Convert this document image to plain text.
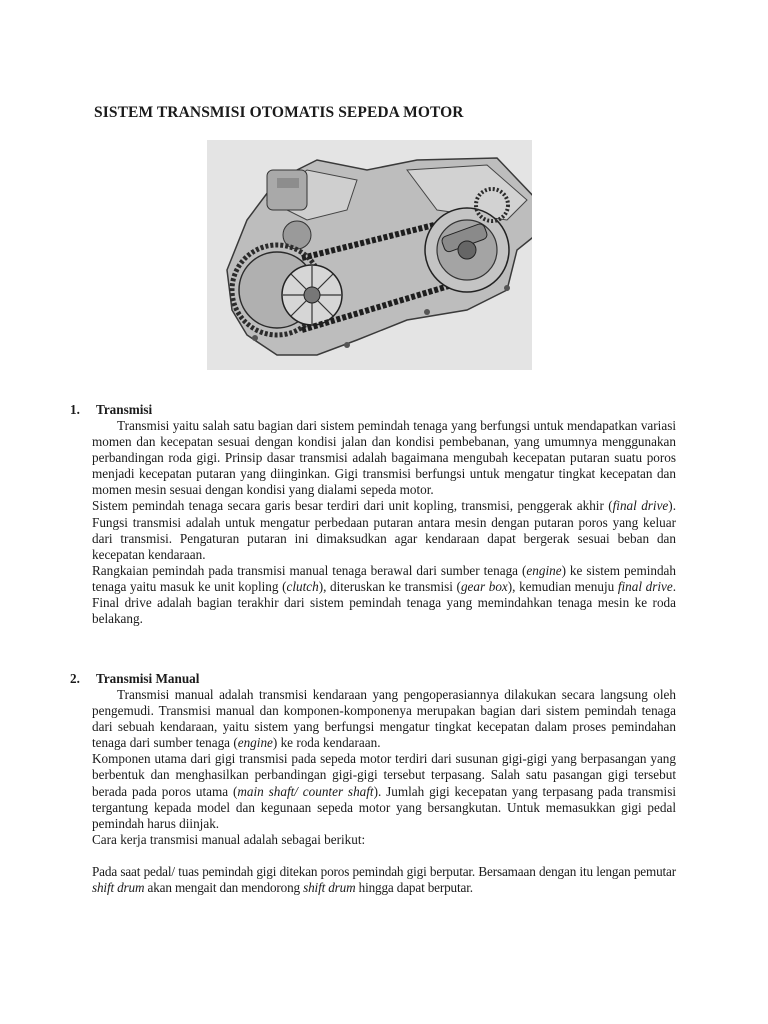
SISTEM TRANSMISI OTOMATIS SEPEDA MOTOR
1. Transmisi

Transmisi yaitu salah satu bagian dari sistem pemindah tenaga yang berfungsi untuk mendapatkan variasi momen dan kecepatan sesuai dengan kondisi jalan dan kondisi pembebanan, yang umumnya menggunakan perbandingan roda gigi. Prinsip dasar transmisi adalah bagaimana mengubah kecepatan putaran suatu poros menjadi kecepatan putaran yang diinginkan. Gigi transmisi berfungsi untuk mengatur tingkat kecepatan dan momen mesin sesuai dengan kondisi yang dialami sepeda motor.

Sistem pemindah tenaga secara garis besar terdiri dari unit kopling, transmisi, penggerak akhir (final drive). Fungsi transmisi adalah untuk mengatur perbedaan putaran antara mesin dengan putaran poros yang keluar dari transmisi. Pengaturan putaran ini dimaksudkan agar kendaraan dapat bergerak sesuai beban dan kecepatan kendaraan.

Rangkaian pemindah pada transmisi manual tenaga berawal dari sumber tenaga (engine) ke sistem pemindah tenaga yaitu masuk ke unit kopling (clutch), diteruskan ke transmisi (gear box), kemudian menuju final drive. Final drive adalah bagian terakhir dari sistem pemindah tenaga yang memindahkan tenaga mesin ke roda belakang.

2. Transmisi Manual

Transmisi manual adalah transmisi kendaraan yang pengoperasiannya dilakukan secara langsung oleh pengemudi. Transmisi manual dan komponen-komponenya merupakan bagian dari sistem pemindah tenaga dari sebuah kendaraan, yaitu sistem yang berfungsi mengatur tingkat kecepatan dalam proses pemindahan tenaga dari sumber tenaga (engine) ke roda kendaraan.

Komponen utama dari gigi transmisi pada sepeda motor terdiri dari susunan gigi-gigi yang berpasangan yang berbentuk dan menghasilkan perbandingan gigi-gigi tersebut terpasang. Salah satu pasangan gigi tersebut berada pada poros utama (main shaft/ counter shaft). Jumlah gigi kecepatan yang terpasang pada transmisi tergantung kepada model dan kegunaan sepeda motor yang bersangkutan. Untuk memasukkan gigi pedal pemindah harus diinjak.

Cara kerja transmisi manual adalah sebagai berikut:

Pada saat pedal/ tuas pemindah gigi ditekan poros pemindah gigi berputar. Bersamaan dengan itu lengan pemutar shift drum akan mengait dan mendorong shift drum hingga dapat berputar.
